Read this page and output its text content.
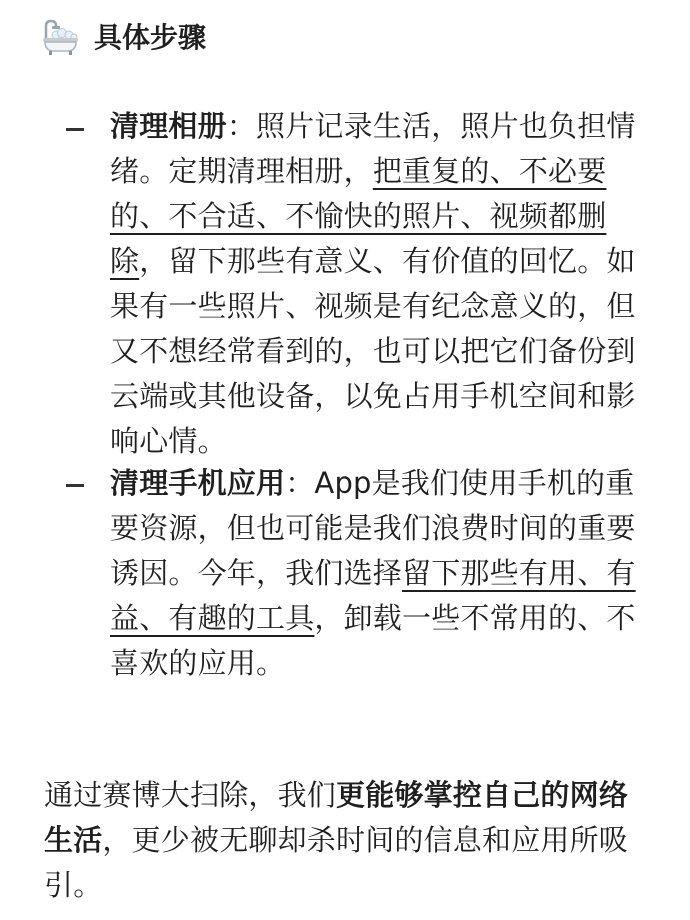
具体步骤
清理相册：照片记录生活，照片也负担情绪。定期清理相册，把重复的、不必要的、不合适、不愉快的照片、视频都删除，留下那些有意义、有价值的回忆。如果有一些照片、视频是有纪念意义的，但又不想经常看到的，也可以把它们备份到云端或其他设备，以免占用手机空间和影响心情。
清理手机应用：App是我们使用手机的重要资源，但也可能是我们浪费时间的重要诱因。今年，我们选择留下那些有用、有益、有趣的工具，卸载一些不常用的、不喜欢的应用。
通过赛博大扫除，我们更能够掌控自己的网络生活，更少被无聊却杀时间的信息和应用所吸引。
